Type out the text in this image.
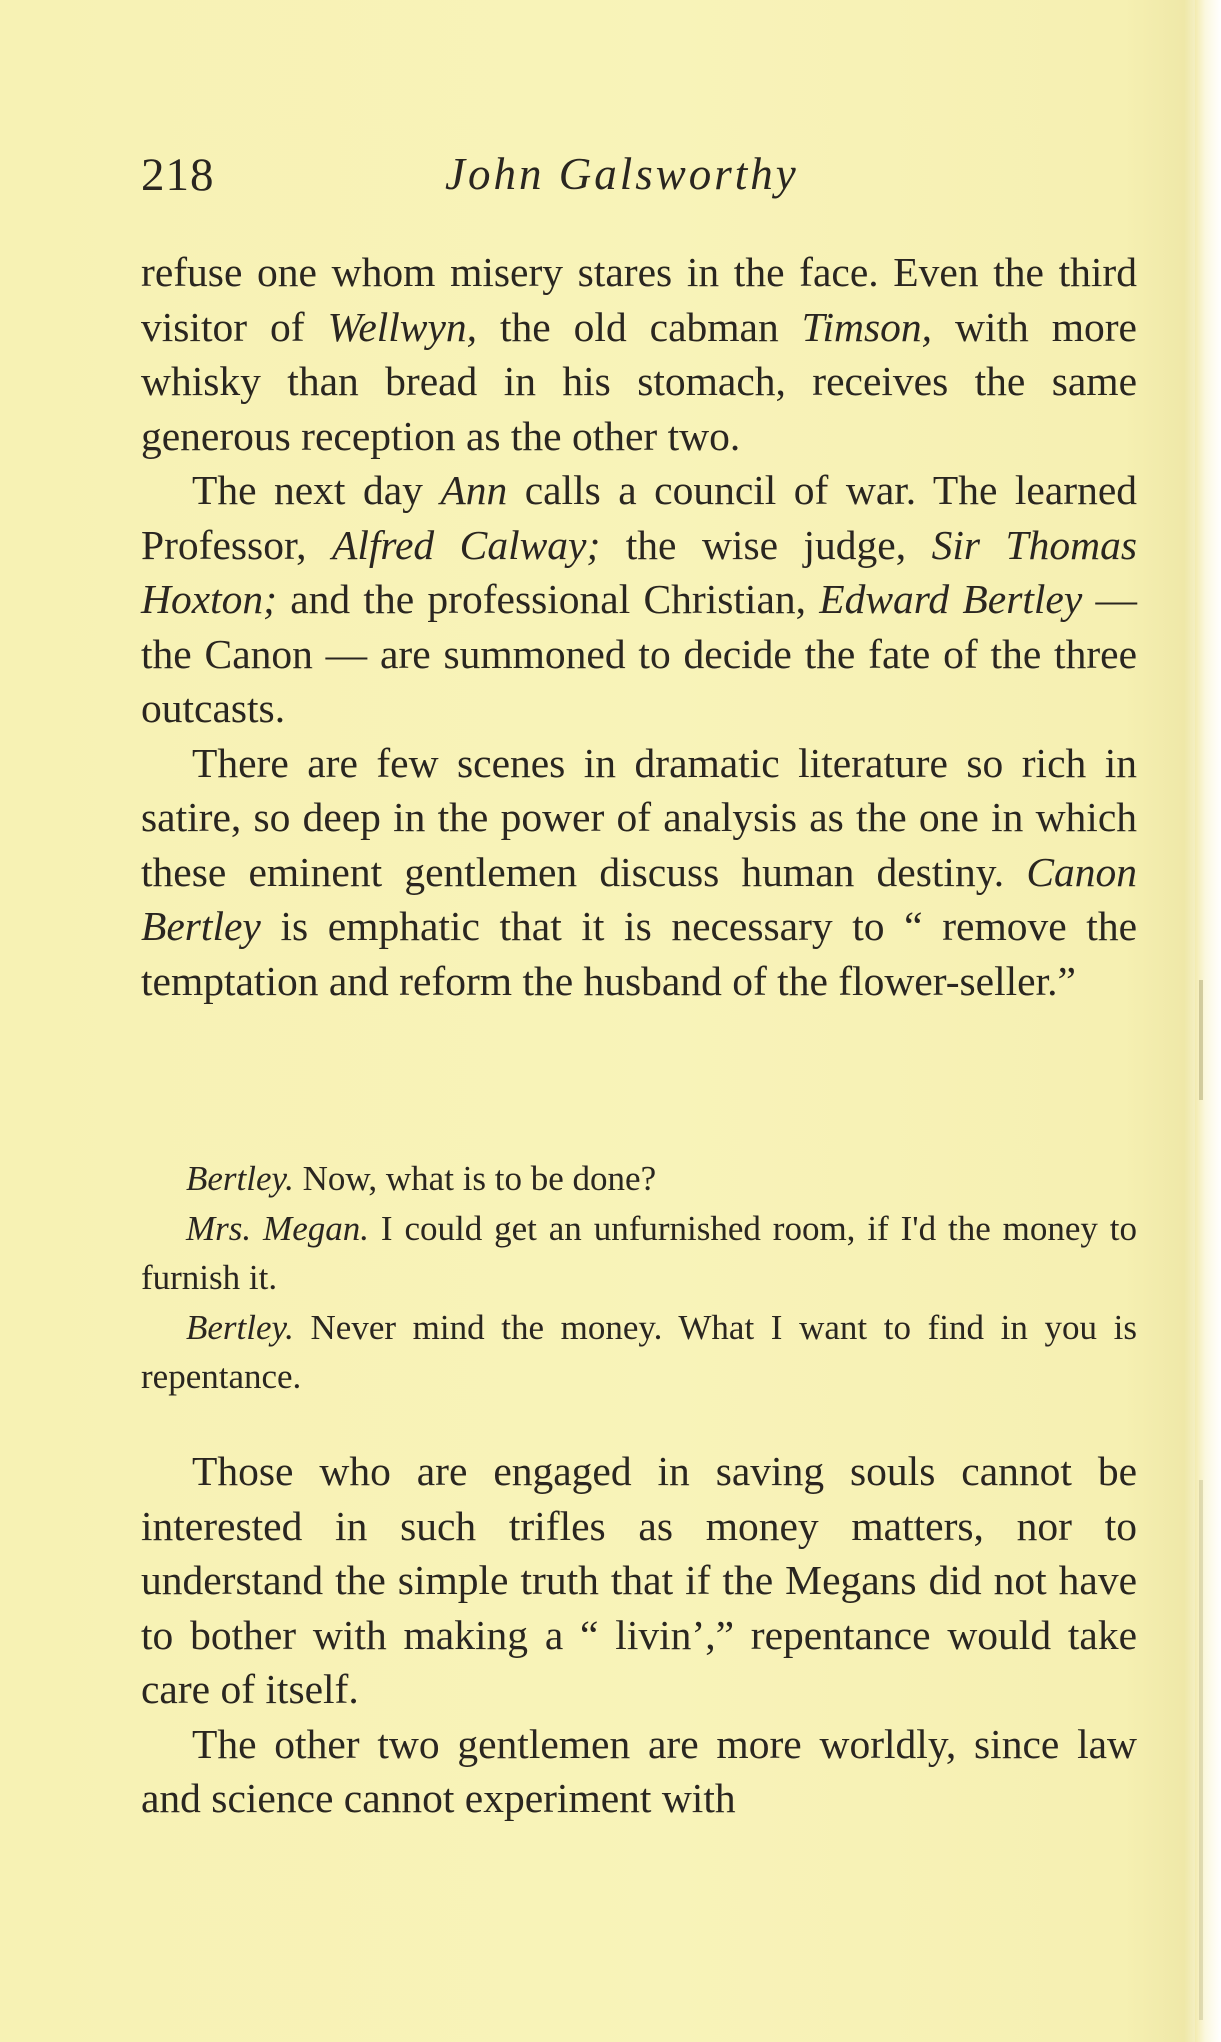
218	John Galsworthy

refuse one whom misery stares in the face. Even the third visitor of Wellwyn, the old cabman Timson, with more whisky than bread in his stomach, receives the same generous reception as the other two.

The next day Ann calls a council of war. The learned Professor, Alfred Calway; the wise judge, Sir Thomas Hoxton; and the professional Christian, Edward Bertley — the Canon — are summoned to decide the fate of the three outcasts.

There are few scenes in dramatic literature so rich in satire, so deep in the power of analysis as the one in which these eminent gentlemen discuss human destiny. Canon Bertley is emphatic that it is necessary to “ remove the temptation and reform the husband of the flower-seller.”

Bertley. Now, what is to be done?

Mrs. Megan. I could get an unfurnished room, if I'd the money to furnish it.

Bertley. Never mind the money. What I want to find in you is repentance.

Those who are engaged in saving souls cannot be interested in such trifles as money matters, nor to understand the simple truth that if the Megans did not have to bother with making a “ livin’,” repentance would take care of itself.

The other two gentlemen are more worldly, since law and science cannot experiment with
